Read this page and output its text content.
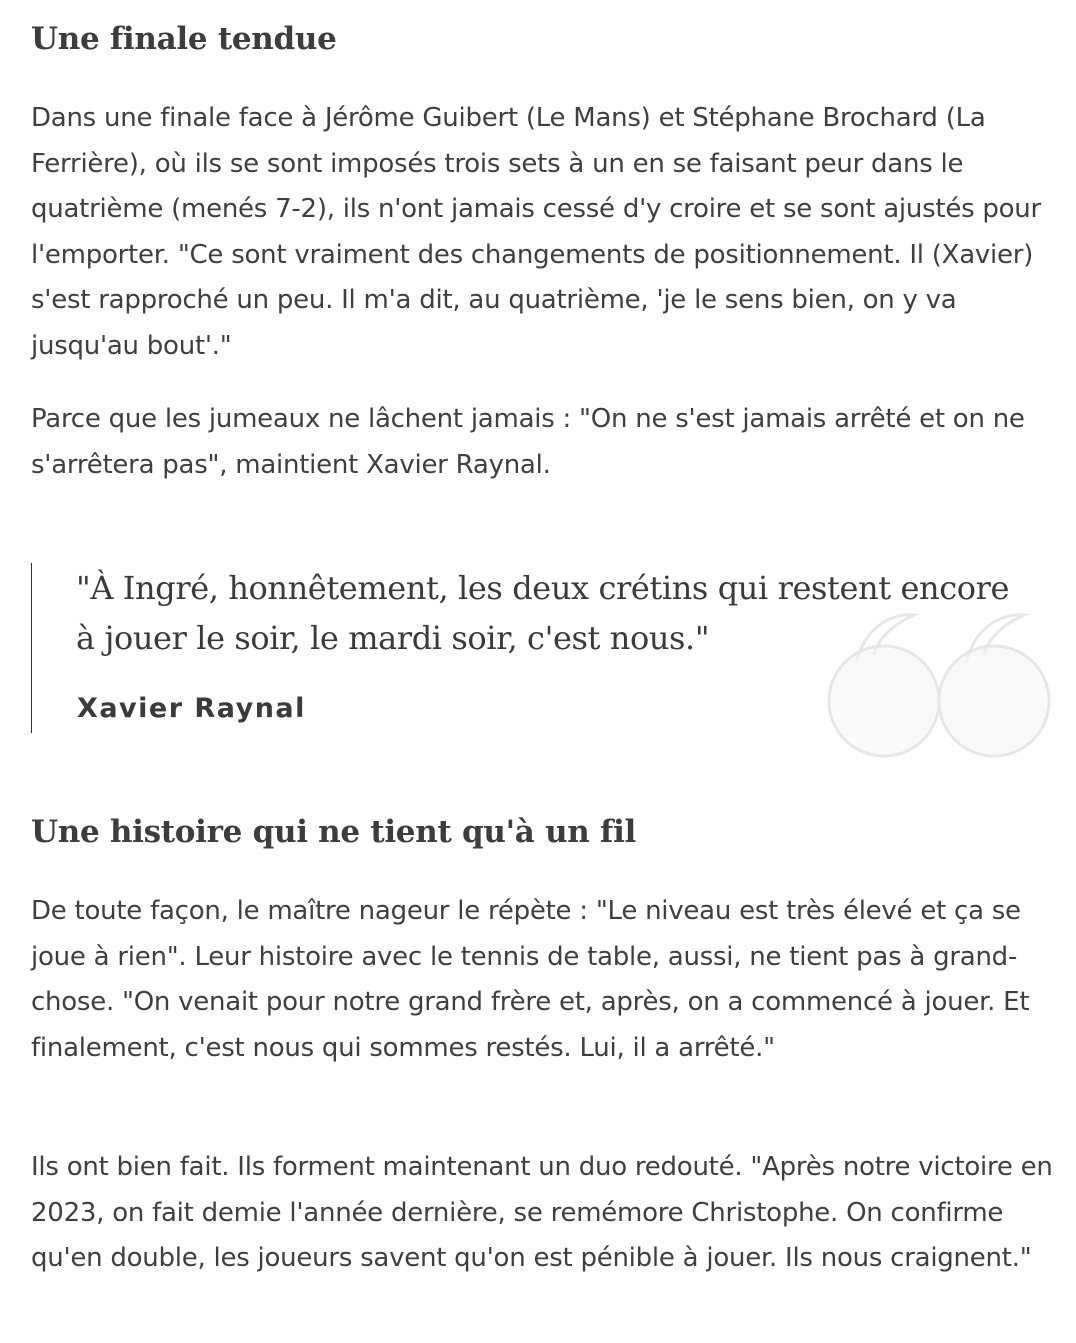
Une finale tendue

Dans une finale face à Jérôme Guibert (Le Mans) et Stéphane Brochard (La Ferrière), où ils se sont imposés trois sets à un en se faisant peur dans le quatrième (menés 7-2), ils n'ont jamais cessé d'y croire et se sont ajustés pour l'emporter. "Ce sont vraiment des changements de positionnement. Il (Xavier) s'est rapproché un peu. Il m'a dit, au quatrième, 'je le sens bien, on y va jusqu'au bout'."

Parce que les jumeaux ne lâchent jamais : "On ne s'est jamais arrêté et on ne s'arrêtera pas", maintient Xavier Raynal.

"À Ingré, honnêtement, les deux crétins qui restent encore à jouer le soir, le mardi soir, c'est nous."

Xavier Raynal
Une histoire qui ne tient qu'à un fil

De toute façon, le maître nageur le répète : "Le niveau est très élevé et ça se joue à rien". Leur histoire avec le tennis de table, aussi, ne tient pas à grand-chose. "On venait pour notre grand frère et, après, on a commencé à jouer. Et finalement, c'est nous qui sommes restés. Lui, il a arrêté."

Ils ont bien fait. Ils forment maintenant un duo redouté. "Après notre victoire en 2023, on fait demie l'année dernière, se remémore Christophe. On confirme qu'en double, les joueurs savent qu'on est pénible à jouer. Ils nous craignent."
